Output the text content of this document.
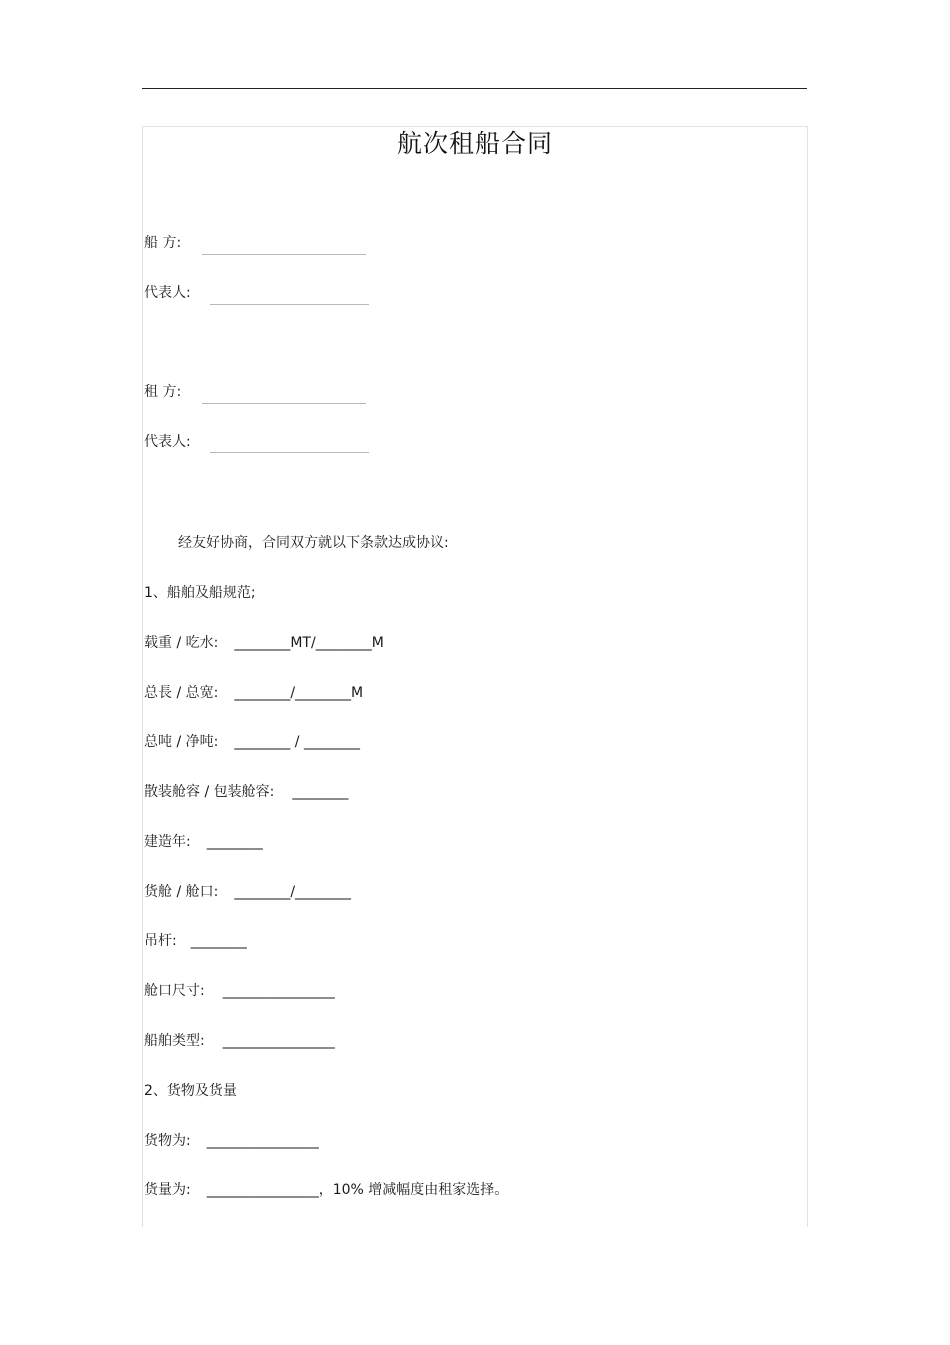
航次租船合同
船 方:
代表人:
租 方:
代表人:
经友好协商，合同双方就以下条款达成协议:
1、船舶及船规范;
载重 / 吃水: ________MT/________M
总長 / 总宽: ________/________M
总吨 / 净吨: ________ / ________
散装舱容 / 包装舱容: ________
建造年: ________
货舱 / 舱口: ________/________
吊杆: ________
舱口尺寸: ________________
船舶类型: ________________
2、货物及货量
货物为: ________________
货量为: ________________，10% 增减幅度由租家选择。
